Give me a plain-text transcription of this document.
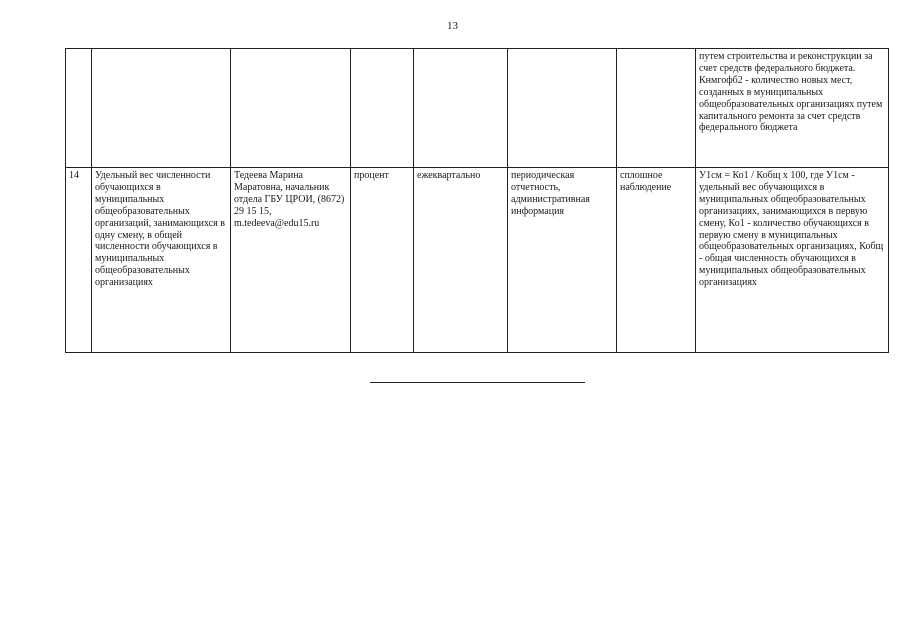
13
							путем строительства и реконструкции за счет средств федерального бюджета. Кнмгофб2 - количество новых мест, созданных в муниципальных общеобразовательных организациях путем капитального ремонта за счет средств федерального бюджета
14	Удельный вес численности обучающихся в муниципальных общеобразовательных организаций, занимающихся в одну смену, в общей численности обучающихся в муниципальных общеобразовательных организациях	Тедеева Марина Маратовна, начальник отдела ГБУ ЦРОИ, (8672) 29 15 15, m.tedeeva@edu15.ru	процент	ежеквартально	периодическая отчетность, административная информация	сплошное наблюдение	У1см = Ко1 / Кобщ х 100, где У1см - удельный вес обучающихся в муниципальных общеобразовательных организациях, занимающихся в первую смену, Ко1 - количество обучающихся в первую смену в муниципальных общеобразовательных организациях, Кобщ - общая численность обучающихся в муниципальных общеобразовательных организациях
